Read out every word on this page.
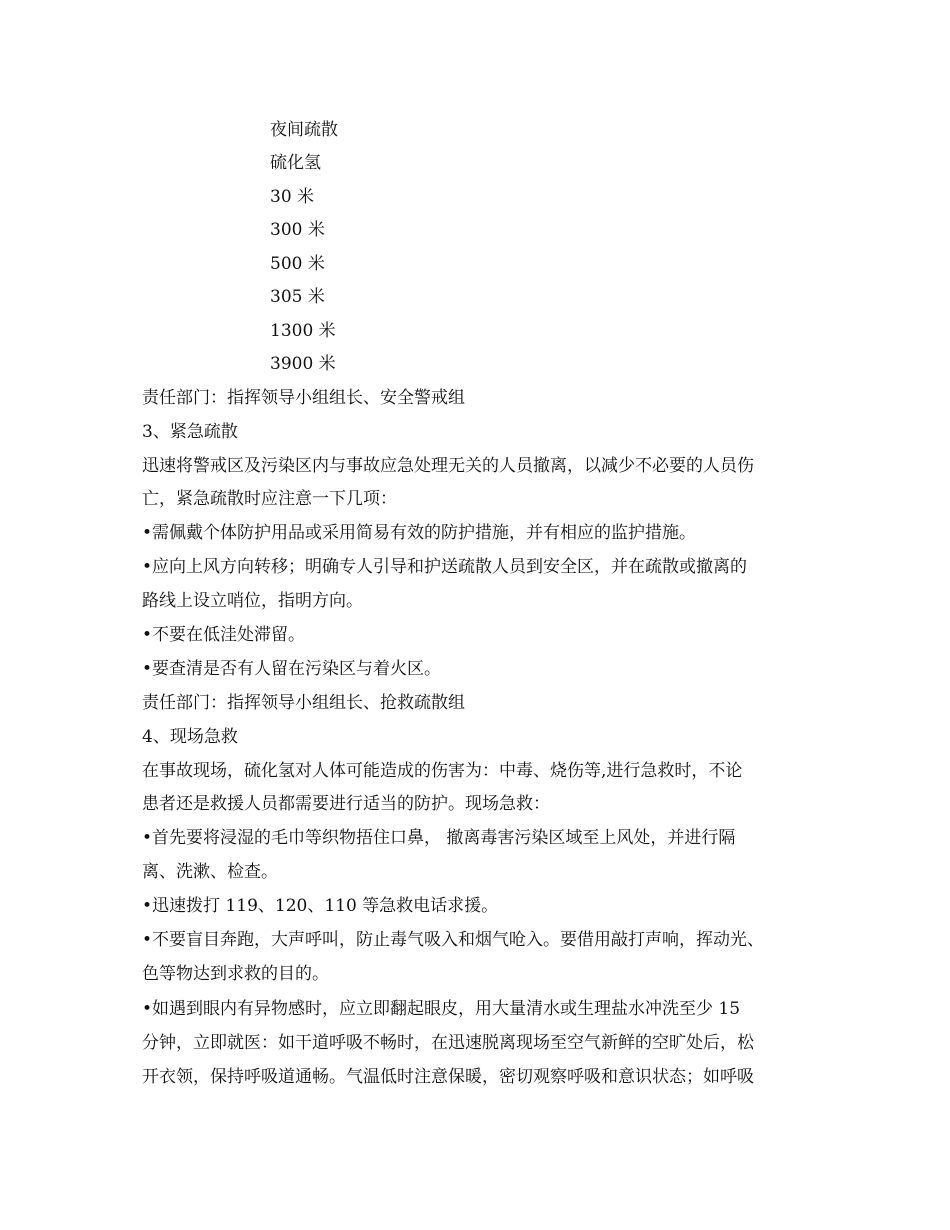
夜间疏散
硫化氢
30 米
300 米
500 米
305 米
1300 米
3900 米
责任部门：指挥领导小组组长、安全警戒组
3、紧急疏散
迅速将警戒区及污染区内与事故应急处理无关的人员撤离，以减少不必要的人员伤
亡，紧急疏散时应注意一下几项：
•需佩戴个体防护用品或采用简易有效的防护措施，并有相应的监护措施。
•应向上风方向转移；明确专人引导和护送疏散人员到安全区，并在疏散或撤离的
路线上设立哨位，指明方向。
•不要在低洼处滞留。
•要查清是否有人留在污染区与着火区。
责任部门：指挥领导小组组长、抢救疏散组
4、现场急救
在事故现场，硫化氢对人体可能造成的伤害为：中毒、烧伤等,进行急救时，不论
患者还是救援人员都需要进行适当的防护。现场急救：
•首先要将浸湿的毛巾等织物捂住口鼻， 撤离毒害污染区域至上风处，并进行隔
离、洗漱、检查。
•迅速拨打 119、120、110 等急救电话求援。
•不要盲目奔跑，大声呼叫，防止毒气吸入和烟气呛入。要借用敲打声响，挥动光、
色等物达到求救的目的。
•如遇到眼内有异物感时，应立即翻起眼皮，用大量清水或生理盐水冲洗至少 15
分钟，立即就医：如干道呼吸不畅时，在迅速脱离现场至空气新鲜的空旷处后，松
开衣领，保持呼吸道通畅。气温低时注意保暖，密切观察呼吸和意识状态；如呼吸
